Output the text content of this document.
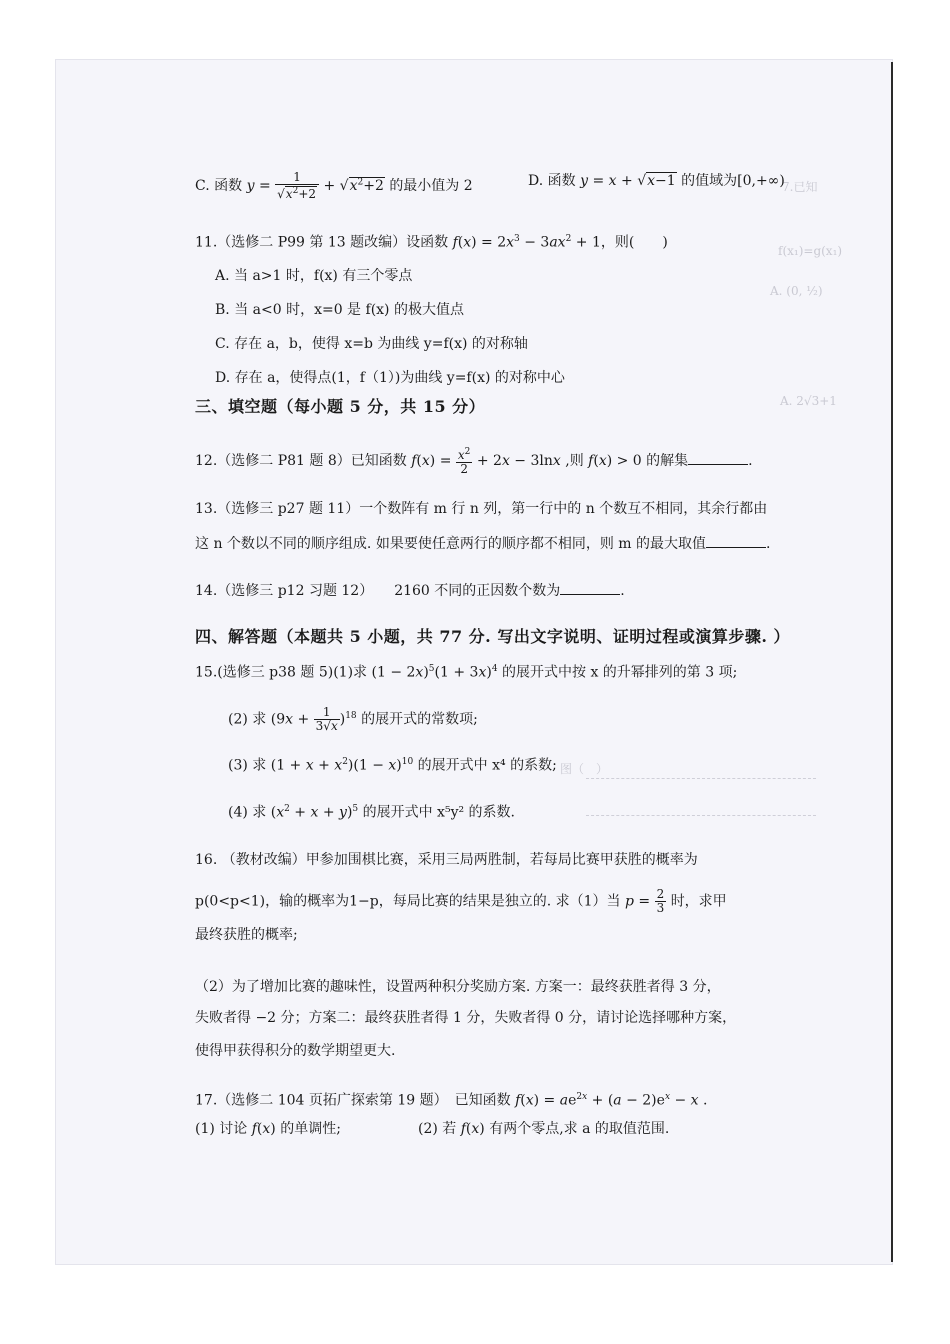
7.已知
f(x₁)=g(x₁)
A. (0, ½)
A. 2√3+1
图（　）
C. 函数 $y = \frac{1}{√x^2+2} + √x^2+2$ 的最小值为 2	D. 函数 y = x + √x−1 的值域为[0,+∞)
11.（选修二 P99 第 13 题改编）设函数 $f(x) = 2x^3 - 3ax^2 + 1$，则(　　)
A. 当 a>1 时，f(x) 有三个零点
B. 当 a<0 时，x=0 是 f(x) 的极大值点
C. 存在 a，b，使得 x=b 为曲线 y=f(x) 的对称轴
D. 存在 a，使得点(1，f（1）)为曲线 y=f(x) 的对称中心
三、填空题（每小题 5 分，共 15 分）
12.（选修二 P81 题 8）已知函数 $f(x) = \frac{x^2}{2} + 2x - 3\ln x$ ,则 f(x) > 0 的解集	.
13.（选修三 p27 题 11）一个数阵有 m 行 n 列，第一行中的 n 个数互不相同，其余行都由
这 n 个数以不同的顺序组成. 如果要使任意两行的顺序都不相同，则 m 的最大取值	.
14.（选修三 p12 习题 12）　　2160 不同的正因数个数为	.
四、解答题（本题共 5 小题，共 77 分. 写出文字说明、证明过程或演算步骤. ）
15.(选修三 p38 题 5)(1)求 $(1 - 2x)^5(1 + 3x)^4$ 的展开式中按 x 的升幂排列的第 3 项;
(2) 求 $(9x + \frac{1}{3√x} )^{18}$ 的展开式的常数项;
(3) 求 $(1 + x + x^2)(1 - x)^{10}$ 的展开式中 x⁴ 的系数;
(4) 求 $(x^2 + x + y)^5$ 的展开式中 x⁵y² 的系数.
16. （教材改编）甲参加围棋比赛，采用三局两胜制，若每局比赛甲获胜的概率为
p(0<p<1)，输的概率为1−p，每局比赛的结果是独立的. 求（1）当 $p = \frac{2}{3}$ 时，求甲
最终获胜的概率;
（2）为了增加比赛的趣味性，设置两种积分奖励方案. 方案一：最终获胜者得 3 分，
失败者得 −2 分；方案二：最终获胜者得 1 分，失败者得 0 分，请讨论选择哪种方案，
使得甲获得积分的数学期望更大.
17.（选修二 104 页拓广探索第 19 题）　已知函数 $f(x) = ae^{2x} + (a - 2)e^x - x$ .
(1) 讨论 f(x) 的单调性;	(2) 若 f(x) 有两个零点,求 a 的取值范围.
